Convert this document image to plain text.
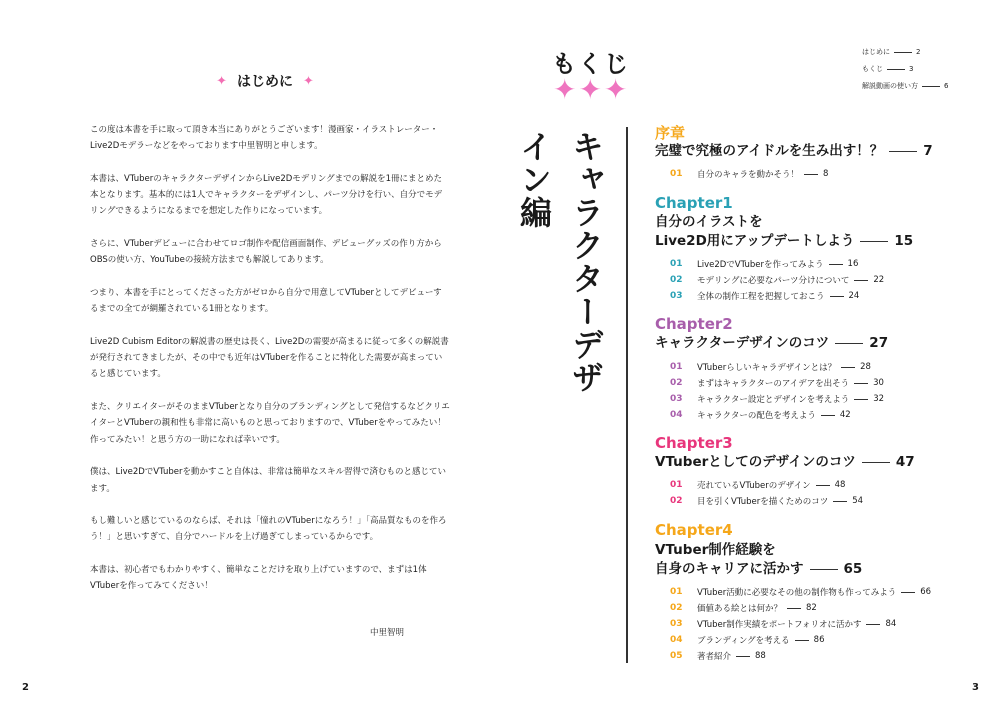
✦ はじめに ✦

この度は本書を手に取って頂き本当にありがとうございます！漫画家・イラストレーター・Live2Dモデラーなどをやっております中里智明と申します。

本書は、VTuberのキャラクターデザインからLive2Dモデリングまでの解説を1冊にまとめた本となります。基本的には1人でキャラクターをデザインし、パーツ分けを行い、自分でモデリングできるようになるまでを想定した作りになっています。

さらに、VTuberデビューに合わせてロゴ制作や配信画面制作、デビューグッズの作り方からOBSの使い方、YouTubeの接続方法までも解説してあります。

つまり、本書を手にとってくださった方がゼロから自分で用意してVTuberとしてデビューするまでの全てが網羅されている1冊となります。

Live2D Cubism Editorの解説書の歴史は長く、Live2Dの需要が高まるに従って多くの解説書が発行されてきましたが、その中でも近年はVTuberを作ることに特化した需要が高まっていると感じています。

また、クリエイターがそのままVTuberとなり自分のブランディングとして発信するなどクリエイターとVTuberの親和性も非常に高いものと思っておりますので、VTuberをやってみたい！作ってみたい！と思う方の一助になれば幸いです。

僕は、Live2DでVTuberを動かすこと自体は、非常は簡単なスキル習得で済むものと感じています。

もし難しいと感じているのならば、それは「憧れのVTuberになろう！」「高品質なものを作ろう！」と思いすぎて、自分でハードルを上げ過ぎてしまっているからです。

本書は、初心者でもわかりやすく、簡単なことだけを取り上げていますので、まずは1体VTuberを作ってみてください！

中里智明
2
もくじ
✦✦✦
はじめに	2
もくじ	3
解説動画の使い方	6
キャラクターデザイン編	序章
完璧で究極のアイドルを生み出す！？	7
01	自分のキャラを動かそう！	8
Chapter1
自分のイラストを
Live2D用にアップデートしよう	15
01	Live2DでVTuberを作ってみよう	16
02	モデリングに必要なパーツ分けについて	22
03	全体の制作工程を把握しておこう	24
Chapter2
キャラクターデザインのコツ	27
01	VTuberらしいキャラデザインとは？	28
02	まずはキャラクターのアイデアを出そう	30
03	キャラクター設定とデザインを考えよう	32
04	キャラクターの配色を考えよう	42
Chapter3
VTuberとしてのデザインのコツ	47
01	売れているVTuberのデザイン	48
02	目を引くVTuberを描くためのコツ	54
Chapter4
VTuber制作経験を
自身のキャリアに活かす	65
01	VTuber活動に必要なその他の制作物も作ってみよう	66
02	価値ある絵とは何か？	82
03	VTuber制作実績をポートフォリオに活かす	84
04	ブランディングを考える	86
05	著者紹介	88
3
